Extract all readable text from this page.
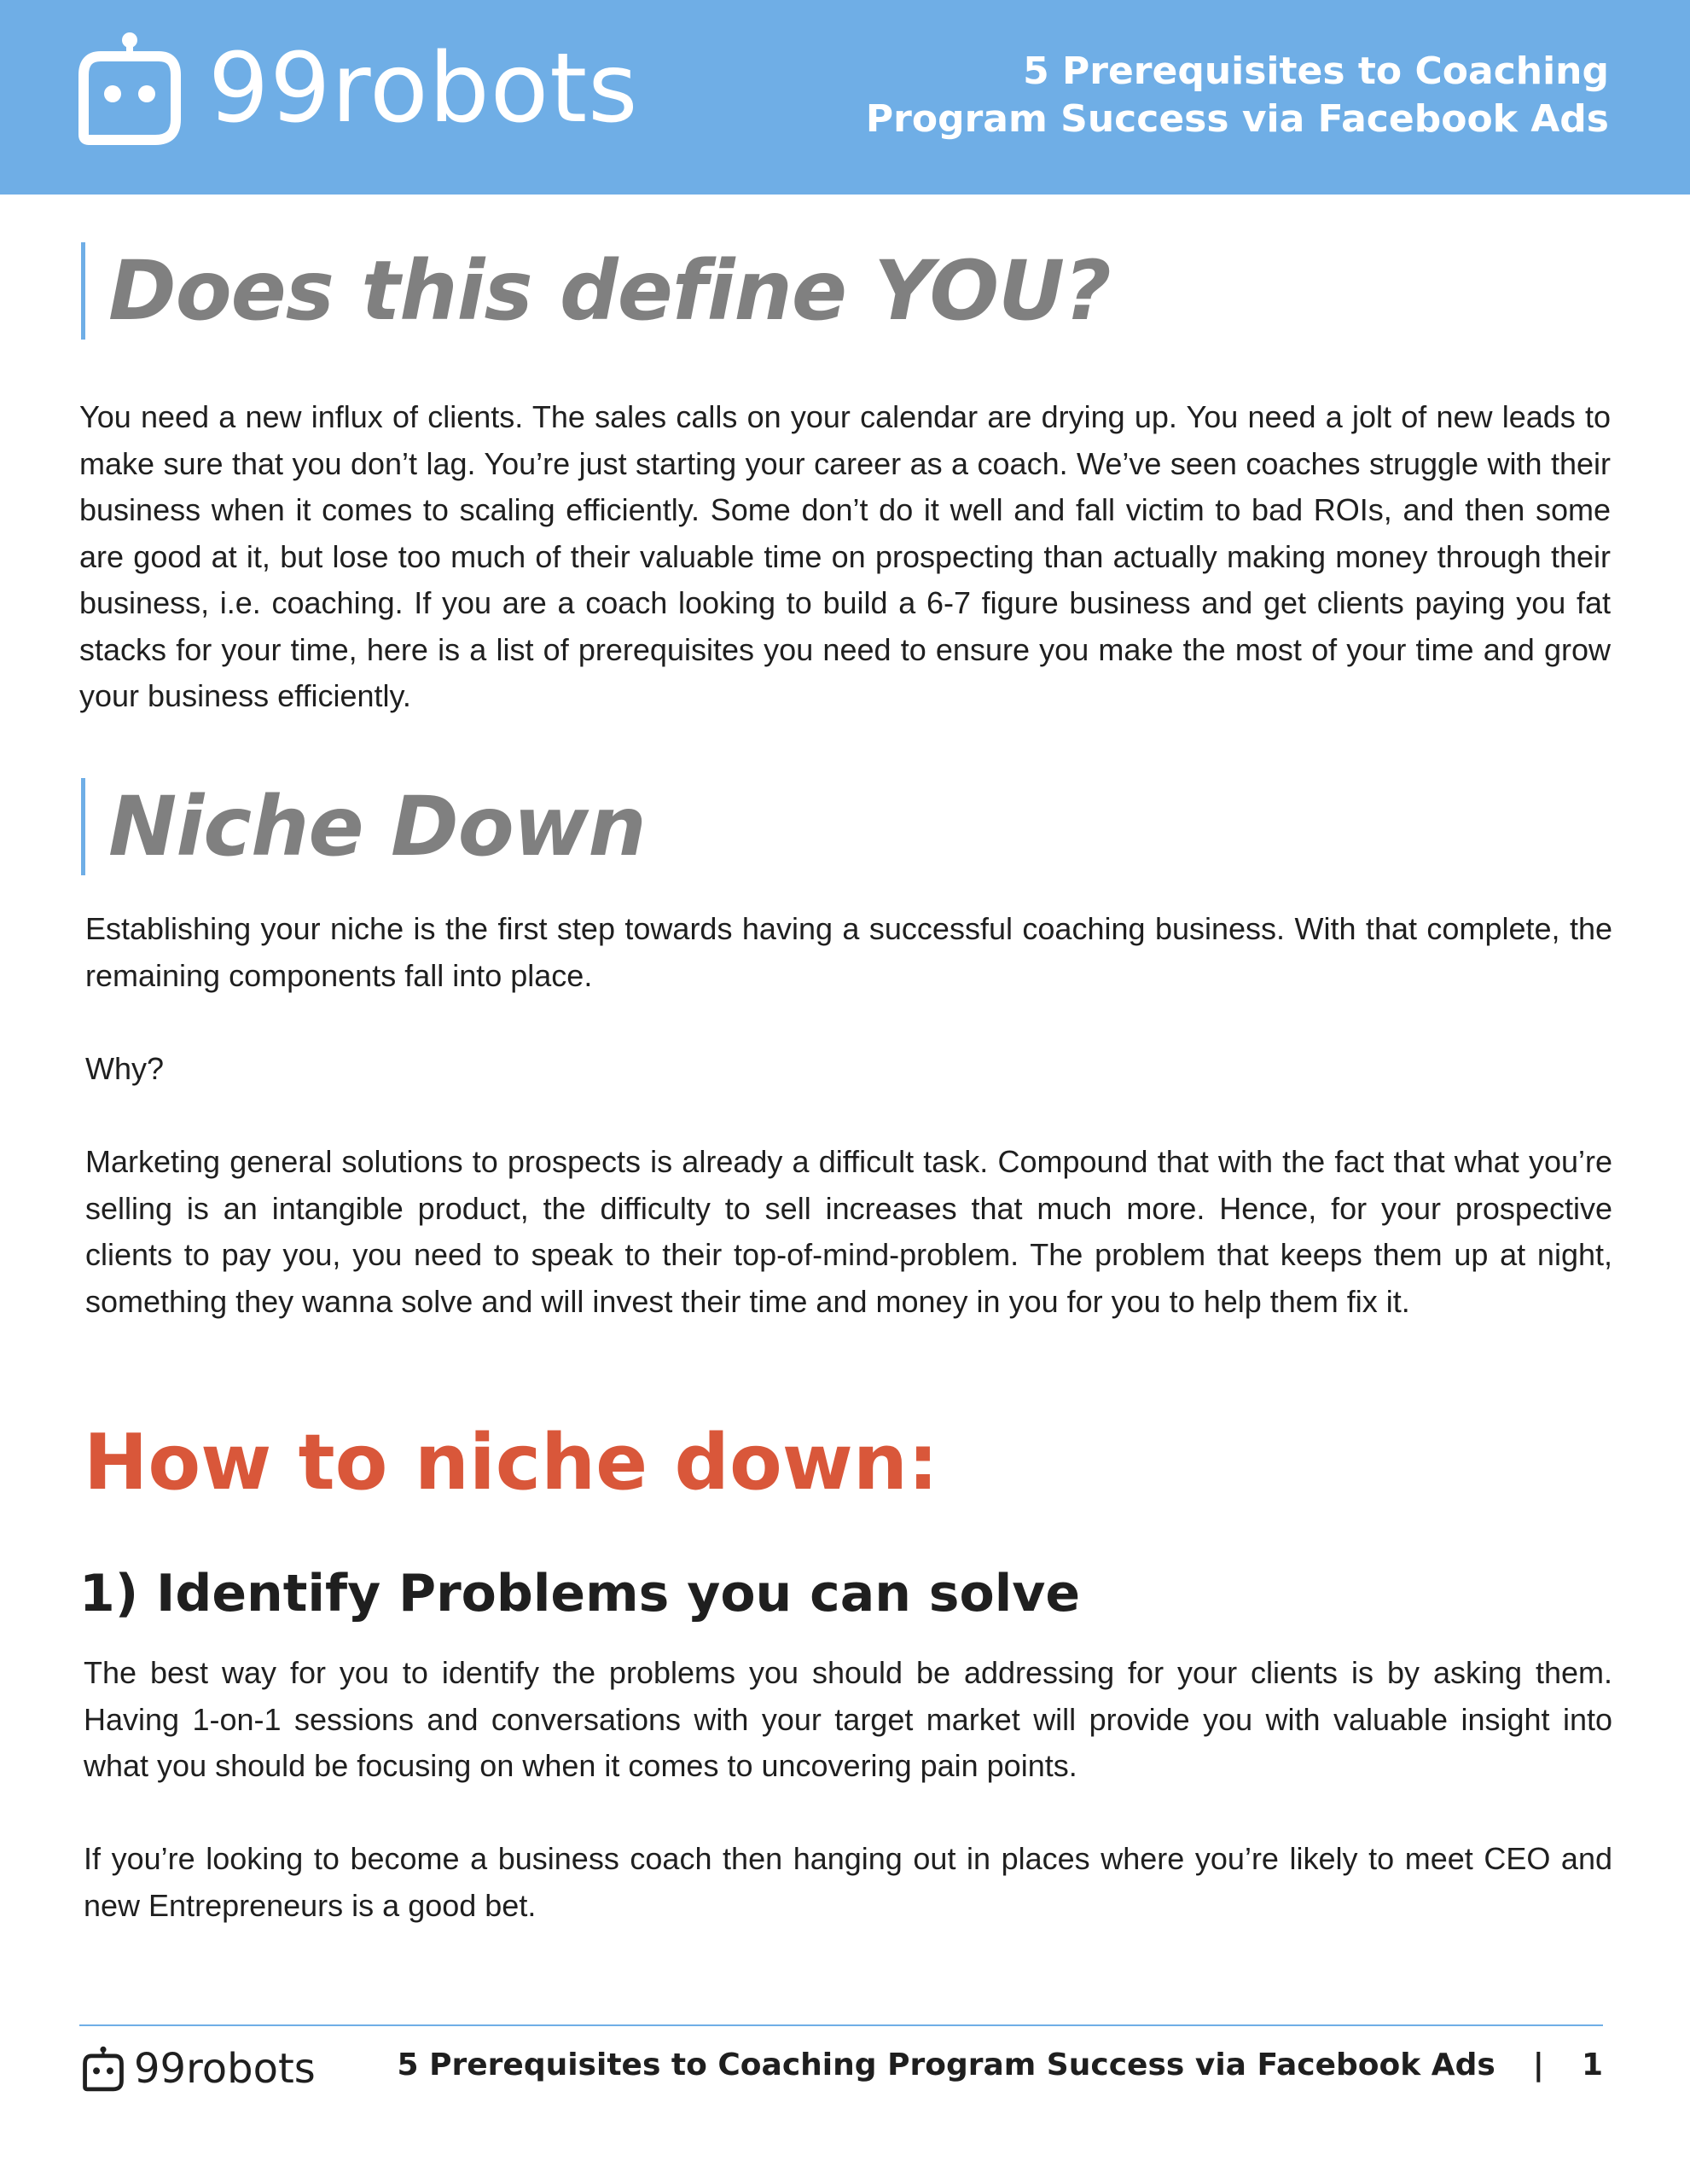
99robots	5 Prerequisites to Coaching Program Success via Facebook Ads
Does this define YOU?

You need a new influx of clients. The sales calls on your calendar are drying up. You need a jolt of new leads to make sure that you don’t lag. You’re just starting your career as a coach. We’ve seen coaches struggle with their business when it comes to scaling efficiently. Some don’t do it well and fall victim to bad ROIs, and then some are good at it, but lose too much of their valuable time on prospecting than actually making money through their business, i.e. coaching. If you are a coach looking to build a 6-7 figure business and get clients paying you fat stacks for your time, here is a list of prerequisites you need to ensure you make the most of your time and grow your business efficiently.

Niche Down

Establishing your niche is the first step towards having a successful coaching business. With that complete, the remaining components fall into place.

Why?

Marketing general solutions to prospects is already a difficult task. Compound that with the fact that what you’re selling is an intangible product, the difficulty to sell increases that much more. Hence, for your prospective clients to pay you, you need to speak to their top-of-mind-problem. The problem that keeps them up at night, something they wanna solve and will invest their time and money in you for you to help them fix it.

How to niche down:
1) Identify Problems you can solve

The best way for you to identify the problems you should be addressing for your clients is by asking them. Having 1-on-1 sessions and conversations with your target market will provide you with valuable insight into what you should be focusing on when it comes to uncovering pain points.

If you’re looking to become a business coach then hanging out in places where you’re likely to meet CEO and new Entrepreneurs is a good bet.

99robots	5 Prerequisites to Coaching Program Success via Facebook Ads | 1
